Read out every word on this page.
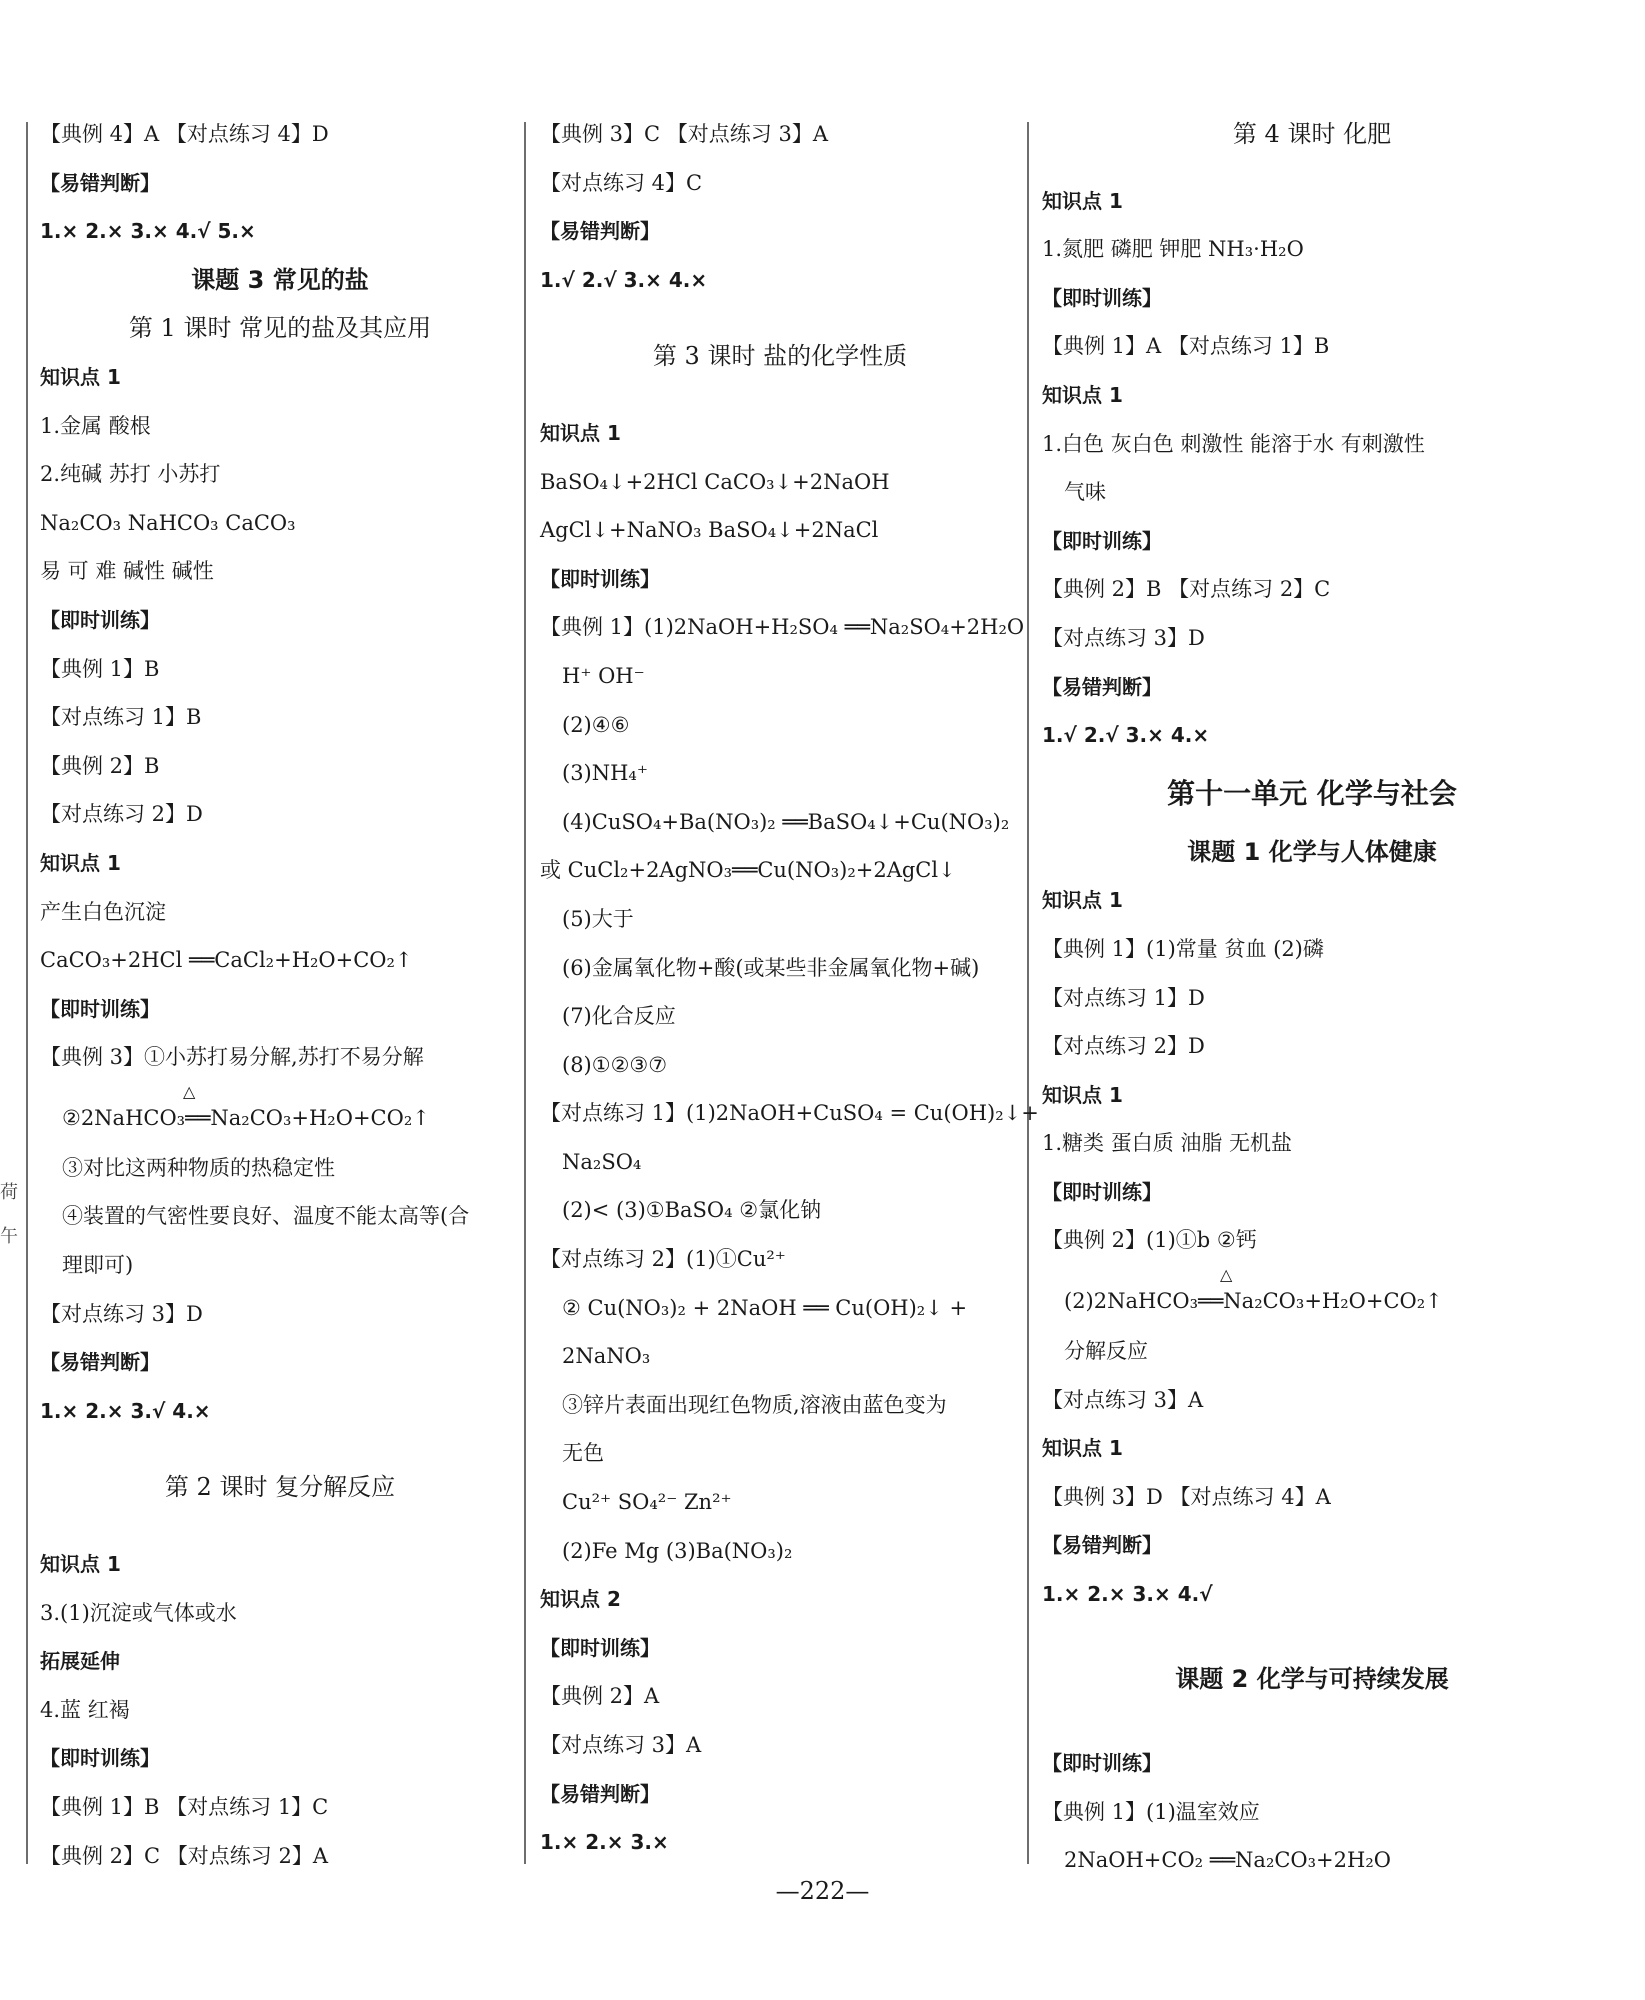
荷
午
【典例 4】A 【对点练习 4】D
【易错判断】
1.× 2.× 3.× 4.√ 5.×
课题 3 常见的盐
第 1 课时 常见的盐及其应用
知识点 1
1.金属 酸根
2.纯碱 苏打 小苏打
Na₂CO₃ NaHCO₃ CaCO₃
易 可 难 碱性 碱性
【即时训练】
【典例 1】B
【对点练习 1】B
【典例 2】B
【对点练习 2】D
知识点 1
产生白色沉淀
CaCO₃+2HCl ══CaCl₂+H₂O+CO₂↑
【即时训练】
【典例 3】①小苏打易分解,苏打不易分解
△
②2NaHCO₃══Na₂CO₃+H₂O+CO₂↑
③对比这两种物质的热稳定性
④装置的气密性要良好、温度不能太高等(合
理即可)
【对点练习 3】D
【易错判断】
1.× 2.× 3.√ 4.×
第 2 课时 复分解反应
知识点 1
3.(1)沉淀或气体或水
拓展延伸
4.蓝 红褐
【即时训练】
【典例 1】B 【对点练习 1】C
【典例 2】C 【对点练习 2】A
【典例 3】C 【对点练习 3】A
【对点练习 4】C
【易错判断】
1.√ 2.√ 3.× 4.×
第 3 课时 盐的化学性质
知识点 1
BaSO₄↓+2HCl CaCO₃↓+2NaOH
AgCl↓+NaNO₃ BaSO₄↓+2NaCl
【即时训练】
【典例 1】(1)2NaOH+H₂SO₄ ══Na₂SO₄+2H₂O
H⁺ OH⁻
(2)④⑥
(3)NH₄⁺
(4)CuSO₄+Ba(NO₃)₂ ══BaSO₄↓+Cu(NO₃)₂
或 CuCl₂+2AgNO₃══Cu(NO₃)₂+2AgCl↓
(5)大于
(6)金属氧化物+酸(或某些非金属氧化物+碱)
(7)化合反应
(8)①②③⑦
【对点练习 1】(1)2NaOH+CuSO₄ = Cu(OH)₂↓+
Na₂SO₄
(2)< (3)①BaSO₄ ②氯化钠
【对点练习 2】(1)①Cu²⁺
② Cu(NO₃)₂ + 2NaOH ══ Cu(OH)₂↓ +
2NaNO₃
③锌片表面出现红色物质,溶液由蓝色变为
无色
Cu²⁺ SO₄²⁻ Zn²⁺
(2)Fe Mg (3)Ba(NO₃)₂
知识点 2
【即时训练】
【典例 2】A
【对点练习 3】A
【易错判断】
1.× 2.× 3.×
第 4 课时 化肥
知识点 1
1.氮肥 磷肥 钾肥 NH₃·H₂O
【即时训练】
【典例 1】A 【对点练习 1】B
知识点 1
1.白色 灰白色 刺激性 能溶于水 有刺激性
气味
【即时训练】
【典例 2】B 【对点练习 2】C
【对点练习 3】D
【易错判断】
1.√ 2.√ 3.× 4.×
第十一单元 化学与社会
课题 1 化学与人体健康
知识点 1
【典例 1】(1)常量 贫血 (2)磷
【对点练习 1】D
【对点练习 2】D
知识点 1
1.糖类 蛋白质 油脂 无机盐
【即时训练】
【典例 2】(1)①b ②钙
△
(2)2NaHCO₃══Na₂CO₃+H₂O+CO₂↑
分解反应
【对点练习 3】A
知识点 1
【典例 3】D 【对点练习 4】A
【易错判断】
1.× 2.× 3.× 4.√
课题 2 化学与可持续发展
【即时训练】
【典例 1】(1)温室效应
2NaOH+CO₂ ══Na₂CO₃+2H₂O
—222—
